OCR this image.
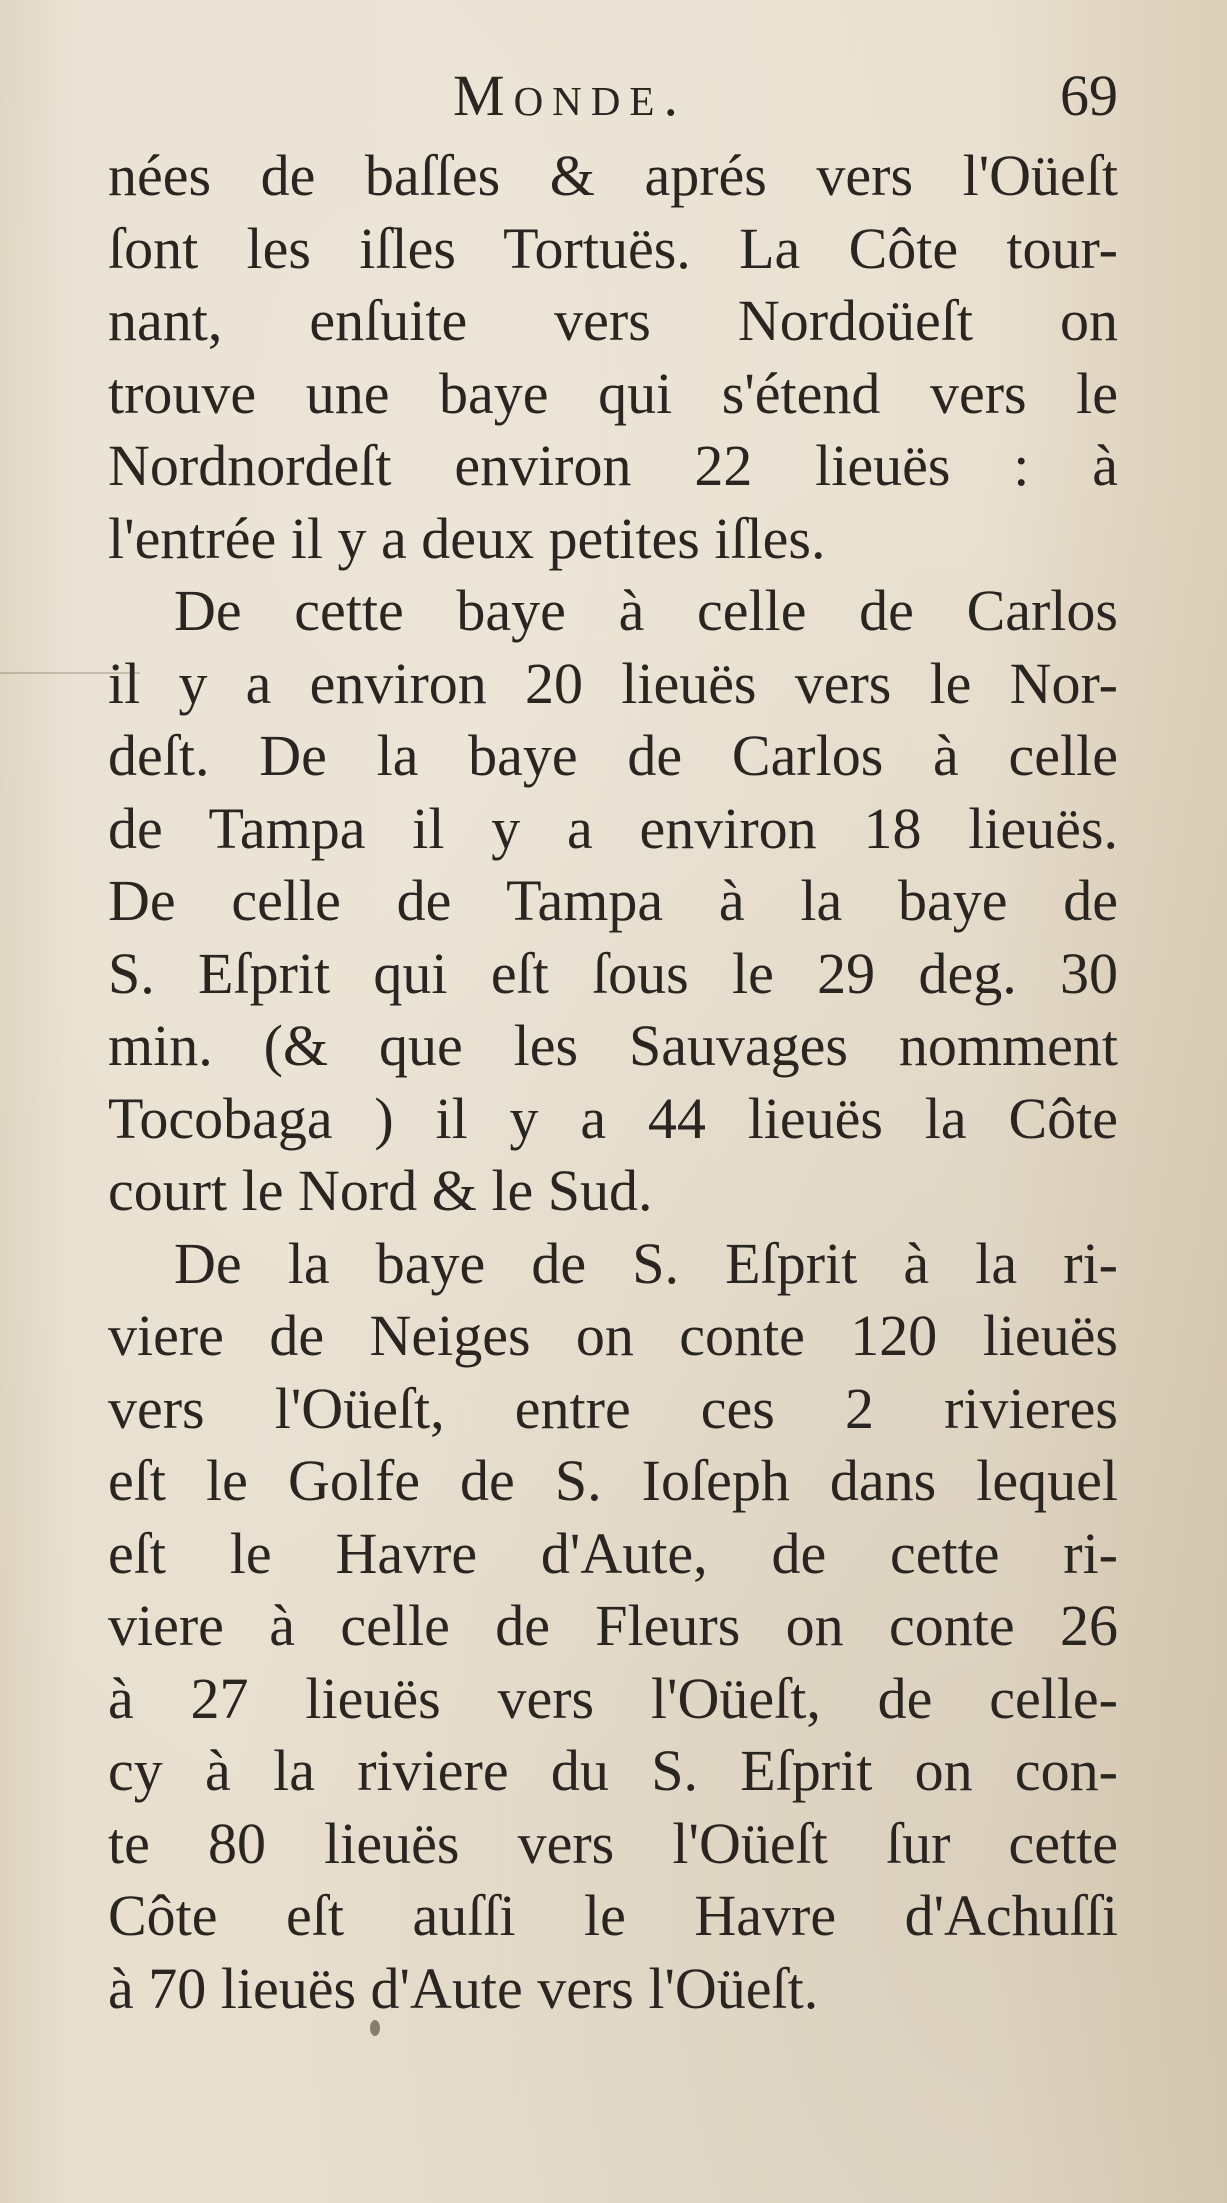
Monde.	69
nées de baſſes & aprés vers l'Oüeſt
ſont les iſles Tortuës. La Côte tour-
nant, enſuite vers Nordoüeſt on
trouve une baye qui s'étend vers le
Nordnordeſt environ 22 lieuës : à
l'entrée il y a deux petites iſles.
De cette baye à celle de Carlos
il y a environ 20 lieuës vers le Nor-
deſt. De la baye de Carlos à celle
de Tampa il y a environ 18 lieuës.
De celle de Tampa à la baye de
S. Eſprit qui eſt ſous le 29 deg. 30
min. (& que les Sauvages nomment
Tocobaga ) il y a 44 lieuës la Côte
court le Nord & le Sud.
De la baye de S. Eſprit à la ri-
viere de Neiges on conte 120 lieuës
vers l'Oüeſt, entre ces 2 rivieres
eſt le Golfe de S. Ioſeph dans lequel
eſt le Havre d'Aute, de cette ri-
viere à celle de Fleurs on conte 26
à 27 lieuës vers l'Oüeſt, de celle-
cy à la riviere du S. Eſprit on con-
te 80 lieuës vers l'Oüeſt ſur cette
Côte eſt auſſi le Havre d'Achuſſi
à 70 lieuës d'Aute vers l'Oüeſt.
